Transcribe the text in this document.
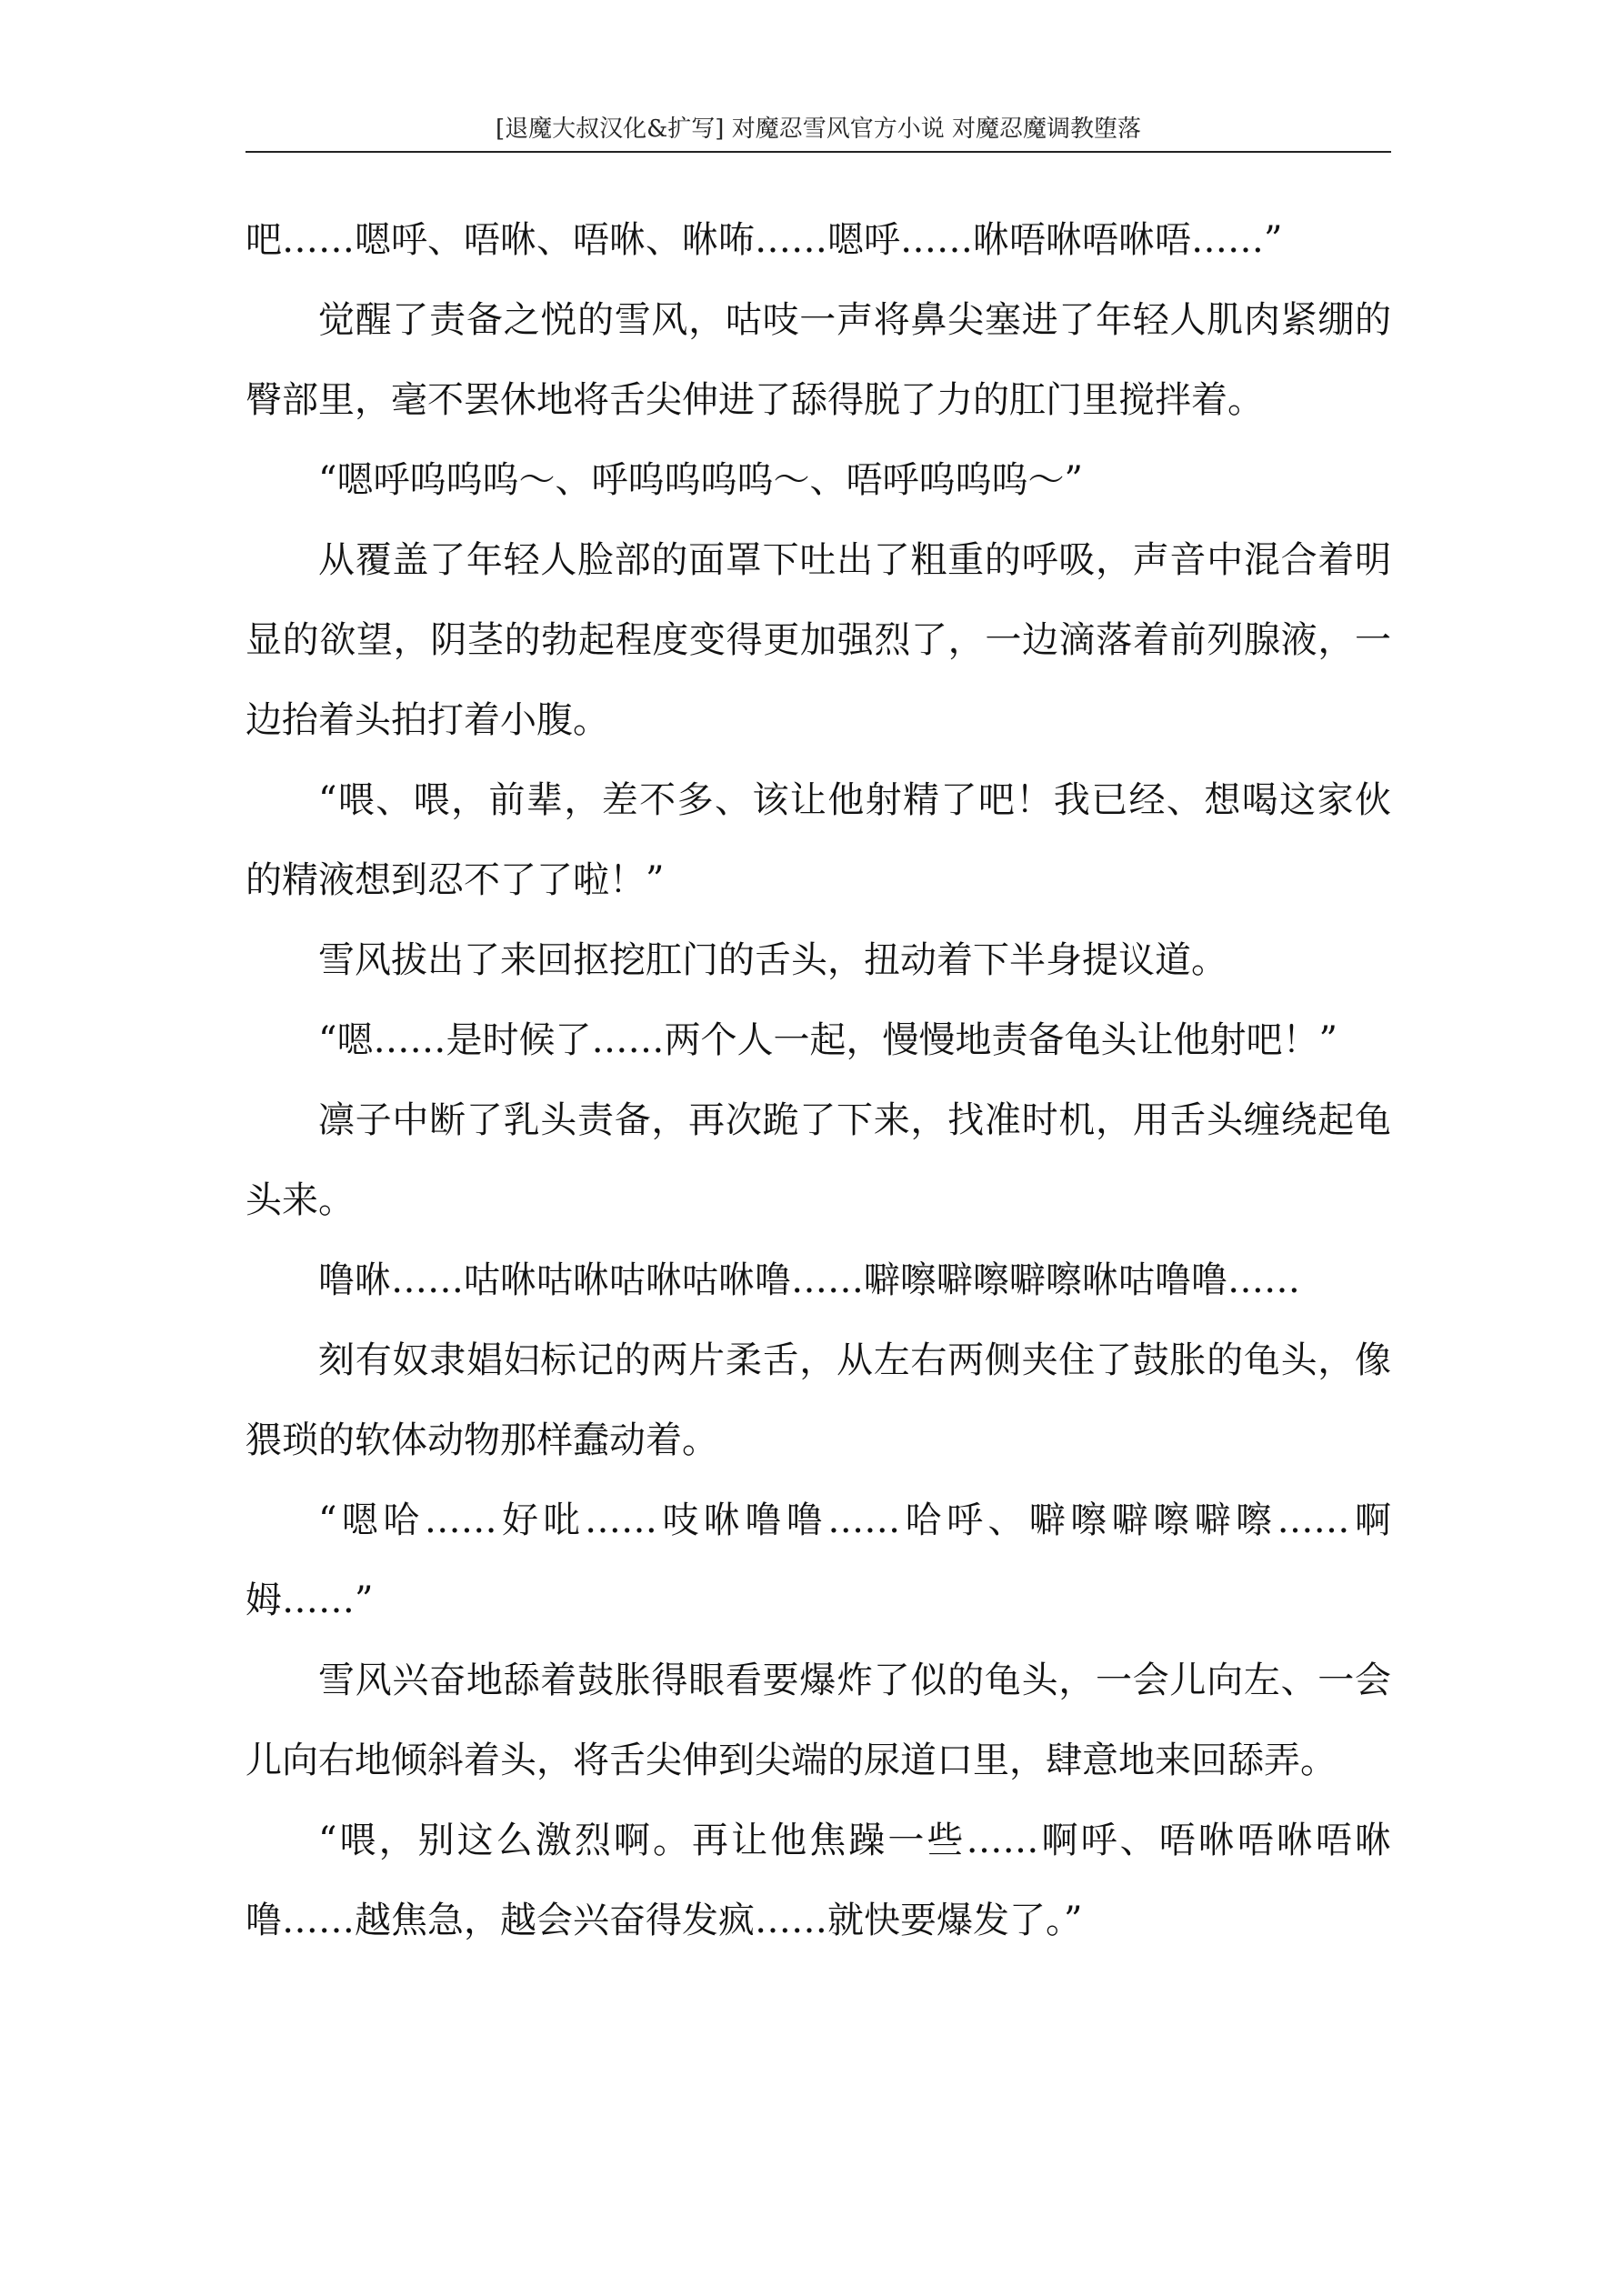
[退魔大叔汉化&扩写] 对魔忍雪风官方小说 对魔忍魔调教堕落

吧……嗯呼、唔咻、唔咻、咻咘……嗯呼……咻唔咻唔咻唔……”

觉醒了责备之悦的雪风，咕吱一声将鼻尖塞进了年轻人肌肉紧绷的臀部里，毫不罢休地将舌尖伸进了舔得脱了力的肛门里搅拌着。

“嗯呼呜呜呜～、呼呜呜呜呜～、唔呼呜呜呜～”

从覆盖了年轻人脸部的面罩下吐出了粗重的呼吸，声音中混合着明显的欲望，阴茎的勃起程度变得更加强烈了，一边滴落着前列腺液，一边抬着头拍打着小腹。

“喂、喂，前辈，差不多、该让他射精了吧！我已经、想喝这家伙的精液想到忍不了了啦！”

雪风拔出了来回抠挖肛门的舌头，扭动着下半身提议道。

“嗯……是时候了……两个人一起，慢慢地责备龟头让他射吧！”

凛子中断了乳头责备，再次跪了下来，找准时机，用舌头缠绕起龟头来。

噜咻……咕咻咕咻咕咻咕咻噜……噼嚓噼嚓噼嚓咻咕噜噜……

刻有奴隶娼妇标记的两片柔舌，从左右两侧夹住了鼓胀的龟头，像猥琐的软体动物那样蠢动着。

“嗯哈……好吡……吱咻噜噜……哈呼、噼嚓噼嚓噼嚓……啊姆……”

雪风兴奋地舔着鼓胀得眼看要爆炸了似的龟头，一会儿向左、一会儿向右地倾斜着头，将舌尖伸到尖端的尿道口里，肆意地来回舔弄。

“喂，别这么激烈啊。再让他焦躁一些……啊呼、唔咻唔咻唔咻噜……越焦急，越会兴奋得发疯……就快要爆发了。”
